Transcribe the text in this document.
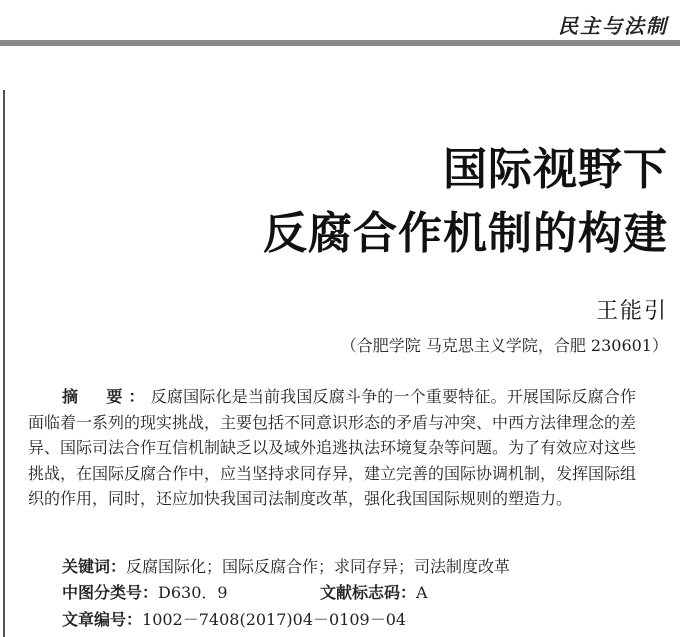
民主与法制
国际视野下
反腐合作机制的构建
王能引
（合肥学院 马克思主义学院，合肥 230601）

摘　要：反腐国际化是当前我国反腐斗争的一个重要特征。开展国际反腐合作面临着一系列的现实挑战，主要包括不同意识形态的矛盾与冲突、中西方法律理念的差异、国际司法合作互信机制缺乏以及域外追逃执法环境复杂等问题。为了有效应对这些挑战，在国际反腐合作中，应当坚持求同存异，建立完善的国际协调机制，发挥国际组织的作用，同时，还应加快我国司法制度改革，强化我国国际规则的塑造力。

关键词：反腐国际化；国际反腐合作；求同存异；司法制度改革
中图分类号：D630．9	文献标志码：A
文章编号：1002－7408(2017)04－0109－04
